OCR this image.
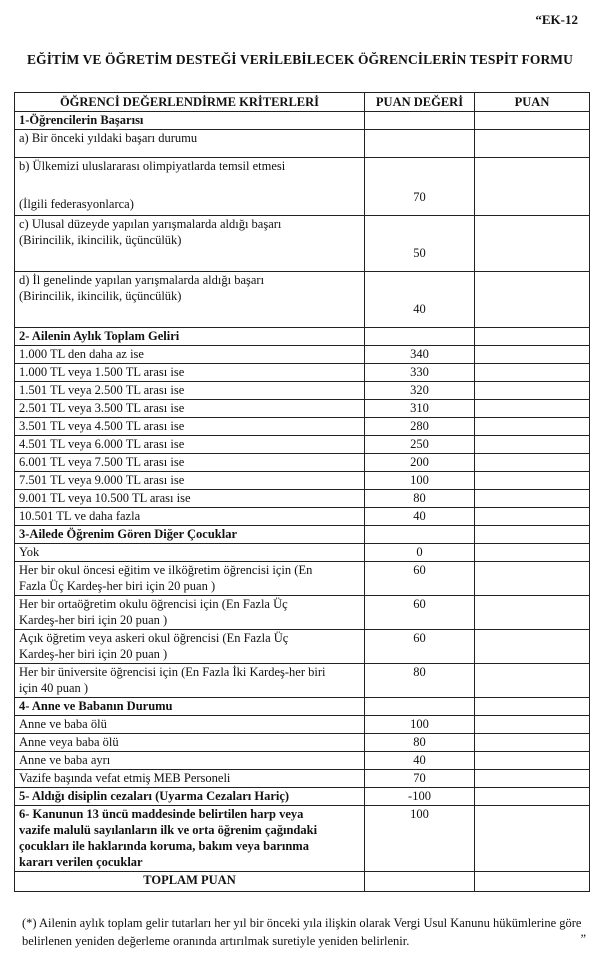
“EK-12
EĞİTİM VE ÖĞRETİM DESTEĞİ VERİLEBİLECEK ÖĞRENCİLERİN TESPİT FORMU
ÖĞRENCİ DEĞERLENDİRME KRİTERLERİ	PUAN DEĞERİ	PUAN
1-Öğrencilerin Başarısı		

a) Bir önceki yıldaki başarı durumu		

b) Ülkemizi uluslararası olimpiyatlarda temsil etmesi
(İlgili federasyonlarca)	70	

c) Ulusal düzeyde yapılan yarışmalarda aldığı başarı
(Birincilik, ikincilik, üçüncülük)	50	

d) İl genelinde yapılan yarışmalarda aldığı başarı
(Birincilik, ikincilik, üçüncülük)	40	
2- Ailenin Aylık Toplam Geliri		

1.000 TL den daha az ise	340	

1.000 TL veya 1.500 TL arası ise	330	

1.501 TL veya 2.500 TL arası ise	320	

2.501 TL veya 3.500 TL arası ise	310	

3.501 TL veya 4.500 TL arası ise	280	

4.501 TL veya 6.000 TL arası ise	250	

6.001 TL veya 7.500 TL arası ise	200	

7.501 TL veya 9.000 TL arası ise	100	

9.001 TL veya 10.500 TL arası ise	80	

10.501 TL ve daha fazla	40	
3-Ailede Öğrenim Gören Diğer Çocuklar		

Yok	0	

Her bir okul öncesi eğitim ve ilköğretim öğrencisi için (En
Fazla Üç Kardeş-her biri için 20 puan )	60	

Her bir ortaöğretim okulu öğrencisi için (En Fazla Üç
Kardeş-her biri için 20 puan )	60	

Açık öğretim veya askeri okul öğrencisi (En Fazla Üç
Kardeş-her biri için 20 puan )	60	

Her bir üniversite öğrencisi için (En Fazla İki Kardeş-her biri
için 40 puan )	80	
4- Anne ve Babanın Durumu		

Anne ve baba ölü	100	

Anne veya baba ölü	80	

Anne ve baba ayrı	40	

Vazife başında vefat etmiş MEB Personeli	70	
5- Aldığı disiplin cezaları (Uyarma Cezaları Hariç)	-100	

6- Kanunun 13 üncü maddesinde belirtilen harp veya
vazife malulü sayılanların ilk ve orta öğrenim çağındaki
çocukları ile haklarında koruma, bakım veya barınma
kararı verilen çocuklar	100	
TOPLAM PUAN		
(*) Ailenin aylık toplam gelir tutarları her yıl bir önceki yıla ilişkin olarak Vergi Usul Kanunu hükümlerine göre belirlenen yeniden değerleme oranında artırılmak suretiyle yeniden belirlenir.	”
